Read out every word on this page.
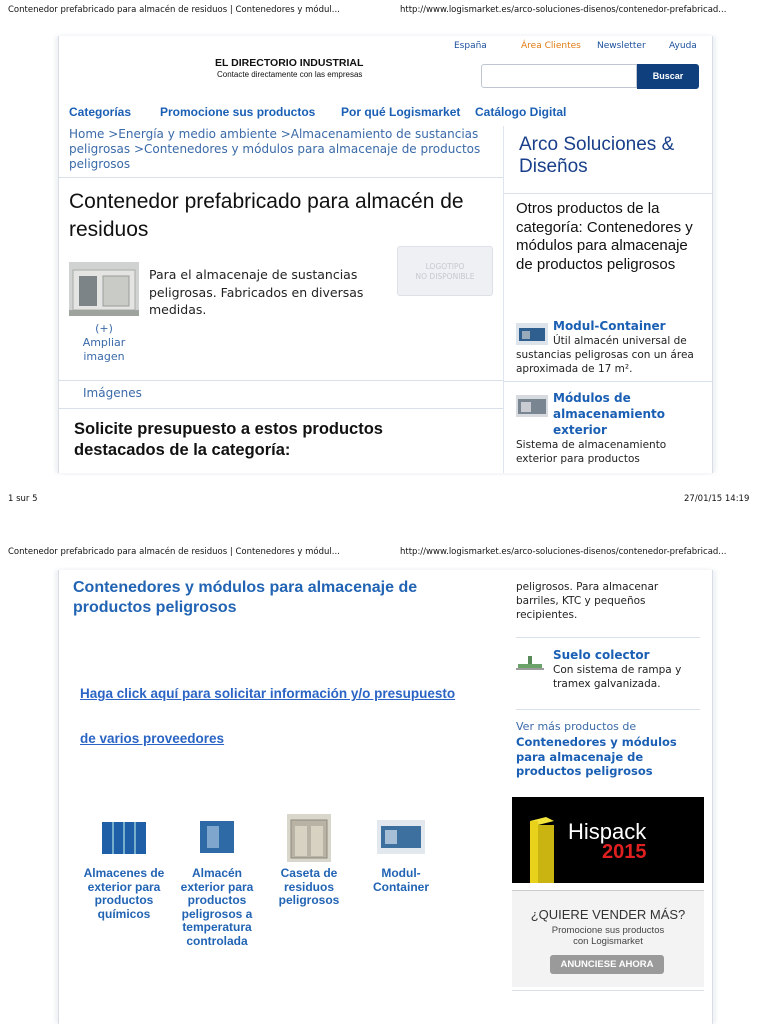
Contenedor prefabricado para almacén de residuos | Contenedores y módul...	http://www.logismarket.es/arco-soluciones-disenos/contenedor-prefabricad...
España	Área Clientes Newsletter	Ayuda
EL DIRECTORIO INDUSTRIAL
Contacte directamente con las empresas	Buscar
Categorías Promocione sus productos Por qué Logismarket Catálogo Digital
Home >Energía y medio ambiente >Almacenamiento de sustancias peligrosas >Contenedores y módulos para almacenaje de productos peligrosos
Contenedor prefabricado para almacén de residuos
(+)
Ampliar
imagen
Para el almacenaje de sustancias peligrosas. Fabricados en diversas medidas.
LOGOTIPO
NO DISPONIBLE
Imágenes
Solicite presupuesto a estos productos destacados de la categoría:
Arco Soluciones & Diseños
Otros productos de la categoría: Contenedores y módulos para almacenaje de productos peligrosos
Modul-Container
Útil almacén universal de sustancias peligrosas con un área aproximada de 17 m².
Módulos de almacenamiento exterior
Sistema de almacenamiento exterior para productos
1 sur 5	27/01/15 14:19
Contenedor prefabricado para almacén de residuos | Contenedores y módul...	http://www.logismarket.es/arco-soluciones-disenos/contenedor-prefabricad...
Contenedores y módulos para almacenaje de productos peligrosos
Haga click aquí para solicitar información y/o presupuesto
de varios proveedores
Almacenes de exterior para productos químicos
Almacén exterior para productos peligrosos a temperatura controlada
Caseta de residuos peligrosos
Modul-Container
peligrosos. Para almacenar barriles, KTC y pequeños recipientes.
Suelo colector
Con sistema de rampa y tramex galvanizada.
Ver más productos de
Contenedores y módulos para almacenaje de productos peligrosos
Hispack
2015
¿QUIERE VENDER MÁS?
Promocione sus productos
con Logismarket
ANUNCIESE AHORA
